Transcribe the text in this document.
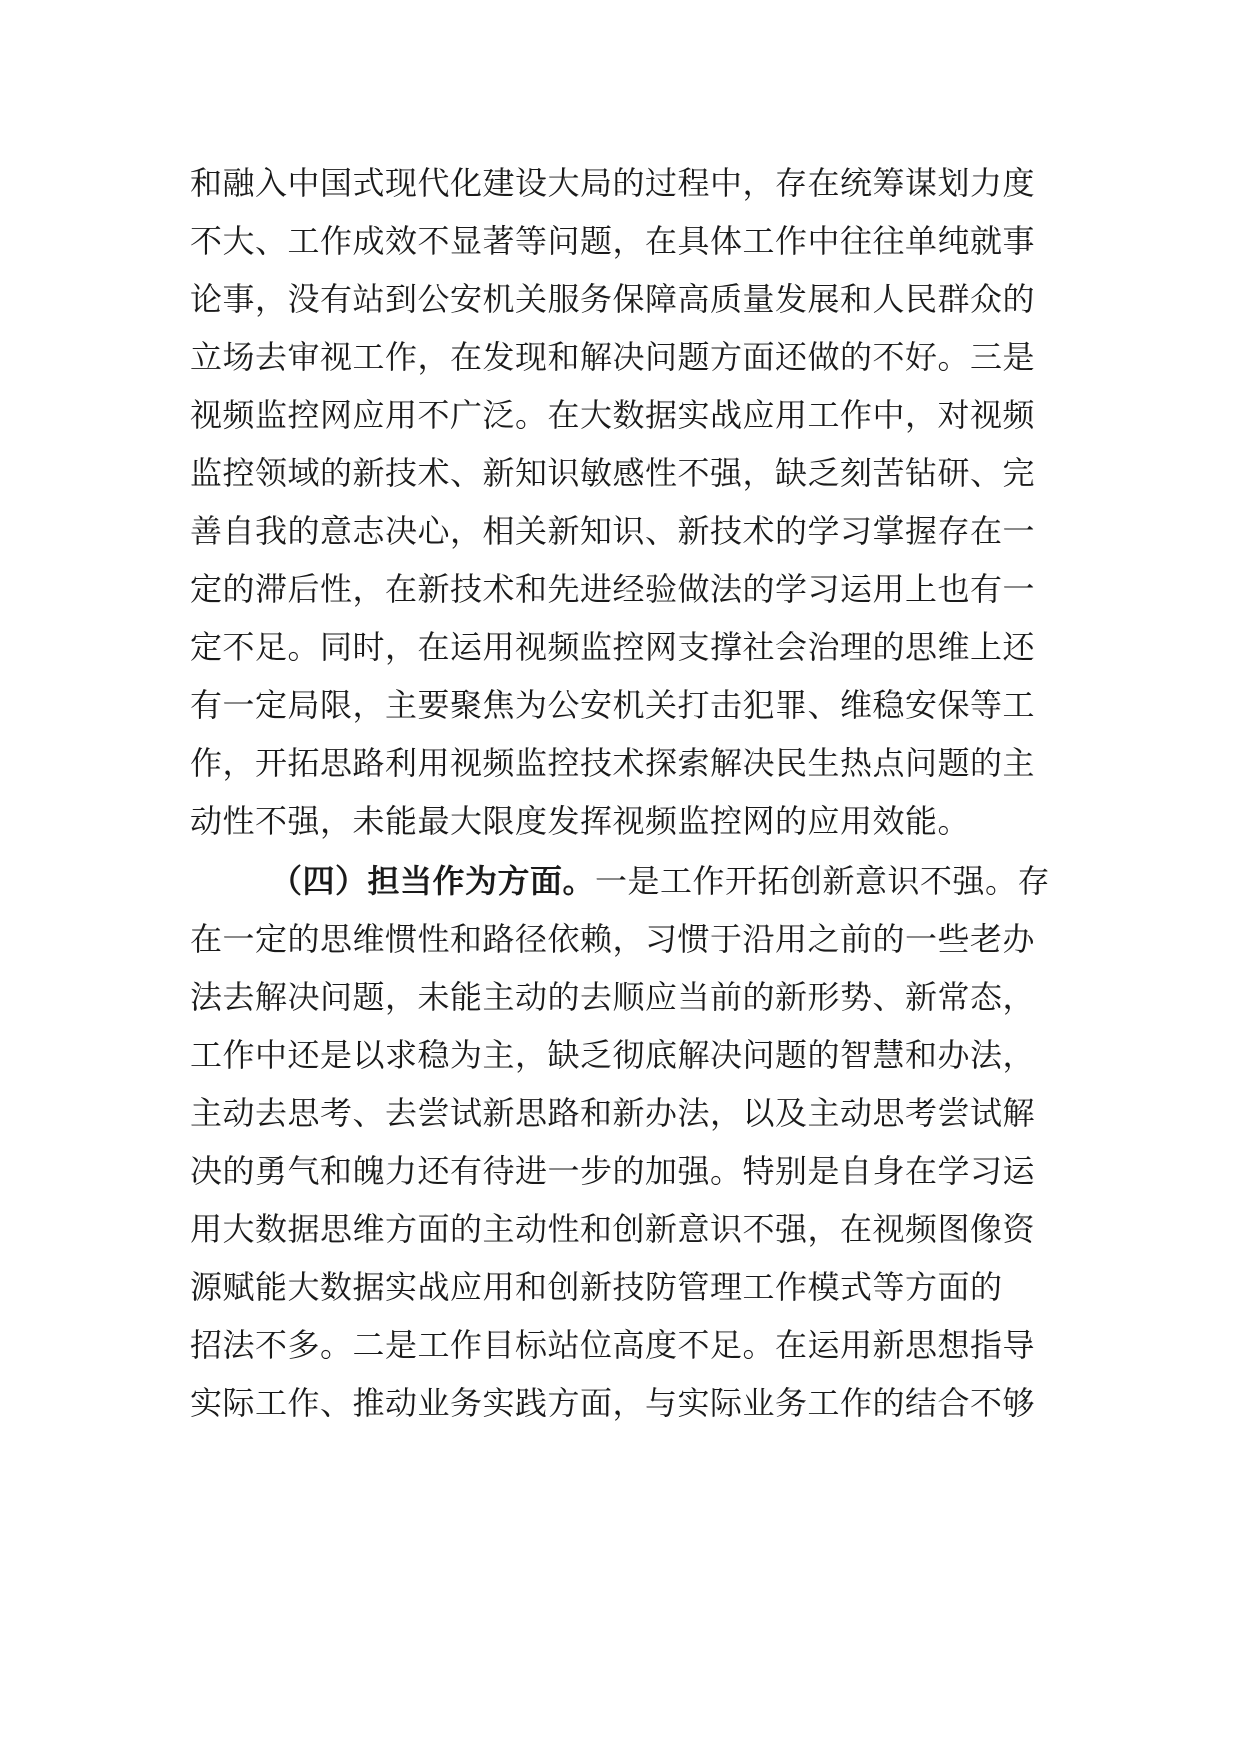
和融入中国式现代化建设大局的过程中，存在统筹谋划力度
不大、工作成效不显著等问题，在具体工作中往往单纯就事
论事，没有站到公安机关服务保障高质量发展和人民群众的
立场去审视工作，在发现和解决问题方面还做的不好。三是
视频监控网应用不广泛。在大数据实战应用工作中，对视频
监控领域的新技术、新知识敏感性不强，缺乏刻苦钻研、完
善自我的意志决心，相关新知识、新技术的学习掌握存在一
定的滞后性，在新技术和先进经验做法的学习运用上也有一
定不足。同时，在运用视频监控网支撑社会治理的思维上还
有一定局限，主要聚焦为公安机关打击犯罪、维稳安保等工
作，开拓思路利用视频监控技术探索解决民生热点问题的主
动性不强，未能最大限度发挥视频监控网的应用效能。
（四）担当作为方面。一是工作开拓创新意识不强。存
在一定的思维惯性和路径依赖，习惯于沿用之前的一些老办
法去解决问题，未能主动的去顺应当前的新形势、新常态，
工作中还是以求稳为主，缺乏彻底解决问题的智慧和办法，
主动去思考、去尝试新思路和新办法，以及主动思考尝试解
决的勇气和魄力还有待进一步的加强。特别是自身在学习运
用大数据思维方面的主动性和创新意识不强，在视频图像资
源赋能大数据实战应用和创新技防管理工作模式等方面的
招法不多。二是工作目标站位高度不足。在运用新思想指导
实际工作、推动业务实践方面，与实际业务工作的结合不够
